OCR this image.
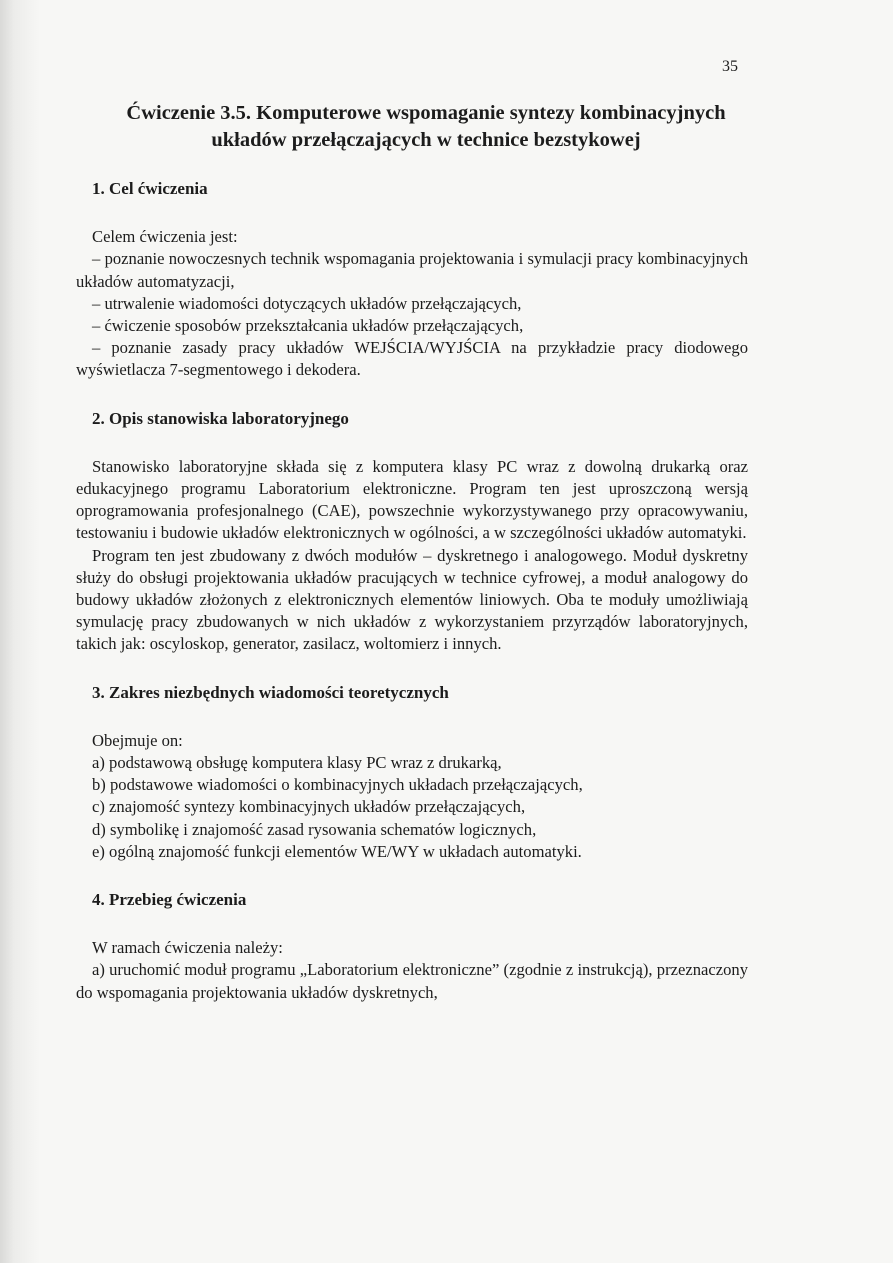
35
Ćwiczenie 3.5. Komputerowe wspomaganie syntezy kombinacyjnych
układów przełączających w technice bezstykowej
1. Cel ćwiczenia

Celem ćwiczenia jest:

– poznanie nowoczesnych technik wspomagania projektowania i symulacji pracy kombinacyjnych układów automatyzacji,

– utrwalenie wiadomości dotyczących układów przełączających,

– ćwiczenie sposobów przekształcania układów przełączających,

– poznanie zasady pracy układów WEJŚCIA/WYJŚCIA na przykładzie pracy diodowego wyświetlacza 7-segmentowego i dekodera.

2. Opis stanowiska laboratoryjnego

Stanowisko laboratoryjne składa się z komputera klasy PC wraz z dowolną drukarką oraz edukacyjnego programu Laboratorium elektroniczne. Program ten jest uproszczoną wersją oprogramowania profesjonalnego (CAE), powszechnie wykorzystywanego przy opracowywaniu, testowaniu i budowie układów elektronicznych w ogólności, a w szczególności układów automatyki.

Program ten jest zbudowany z dwóch modułów – dyskretnego i analogowego. Moduł dyskretny służy do obsługi projektowania układów pracujących w technice cyfrowej, a moduł analogowy do budowy układów złożonych z elektronicznych elementów liniowych. Oba te moduły umożliwiają symulację pracy zbudowanych w nich układów z wykorzystaniem przyrządów laboratoryjnych, takich jak: oscyloskop, generator, zasilacz, woltomierz i innych.

3. Zakres niezbędnych wiadomości teoretycznych

Obejmuje on:

a) podstawową obsługę komputera klasy PC wraz z drukarką,

b) podstawowe wiadomości o kombinacyjnych układach przełączających,

c) znajomość syntezy kombinacyjnych układów przełączających,

d) symbolikę i znajomość zasad rysowania schematów logicznych,

e) ogólną znajomość funkcji elementów WE/WY w układach automatyki.

4. Przebieg ćwiczenia

W ramach ćwiczenia należy:

a) uruchomić moduł programu „Laboratorium elektroniczne” (zgodnie z instrukcją), przeznaczony do wspomagania projektowania układów dyskretnych,
